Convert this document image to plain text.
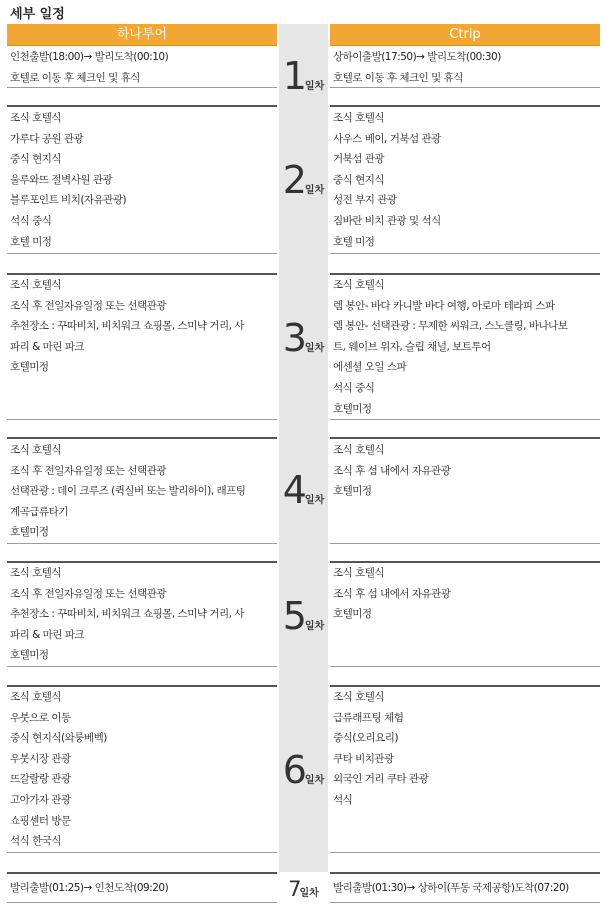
세부 일정
하나투어	Ctrip
인천출발(18:00)→ 발리도착(00:10)
호텔로 이동 후 체크인 및 휴식
상하이출발(17:50)→ 발리도착(00:30)
호텔로 이동 후 체크인 및 휴식
1일차
조식 호텔식
가루다 공원 관광
중식 현지식
울루와뜨 절벽사원 관광
블루포인트 비치(자유관광)
석식 중식
호텔 미정
조식 호텔식
사우스 베이, 거북섬 관광
거북섬 관광
중식 현지식
성전 부지 관광
짐바란 비치 관광 및 석식
호텔 미정
2일차
조식 호텔식
조식 후 전일자유일정 또는 선택관광
추천장소 : 꾸따비치, 비치워크 쇼핑몰, 스미냑 거리, 사
파리 & 마린 파크
호텔미정
조식 호텔식
렘 봉안- 바다 카니발 바다 여행, 아로마 테라피 스파
렘 봉안- 선택관광 : 무제한 씨워크, 스노클링, 바나나보
트, 웨이브 위자, 슬립 채널, 보트투어
에센셜 오일 스파
석식 중식
호텔미정
3일차
조식 호텔식
조식 후 전일자유일정 또는 선택관광
선택관광 : 데이 크루즈 (퀵실버 또는 발리하이), 래프팅
계곡급류타기
호텔미정
조식 호텔식
조식 후 섬 내에서 자유관광
호텔미정
4일차
조식 호텔식
조식 후 전일자유일정 또는 선택관광
추천장소 : 꾸따비치, 비치워크 쇼핑몰, 스미냑 거리, 사
파리 & 마린 파크
호텔미정
조식 호텔식
조식 후 섬 내에서 자유관광
호텔미정
5일차
조식 호텔식
우붓으로 이동
중식 현지식(와룽베벡)
우붓시장 관광
뜨갈랄랑 관광
고아가자 관광
쇼핑센터 방문
석식 한국식
조식 호텔식
급류래프팅 체험
중식(오리요리)
쿠타 비치관광
외국인 거리 쿠타 관광
석식
6일차
발리출발(01:25)→ 인천도착(09:20)	발리출발(01:30)→ 상하이(푸동 국제공항)도착(07:20)
7일차
